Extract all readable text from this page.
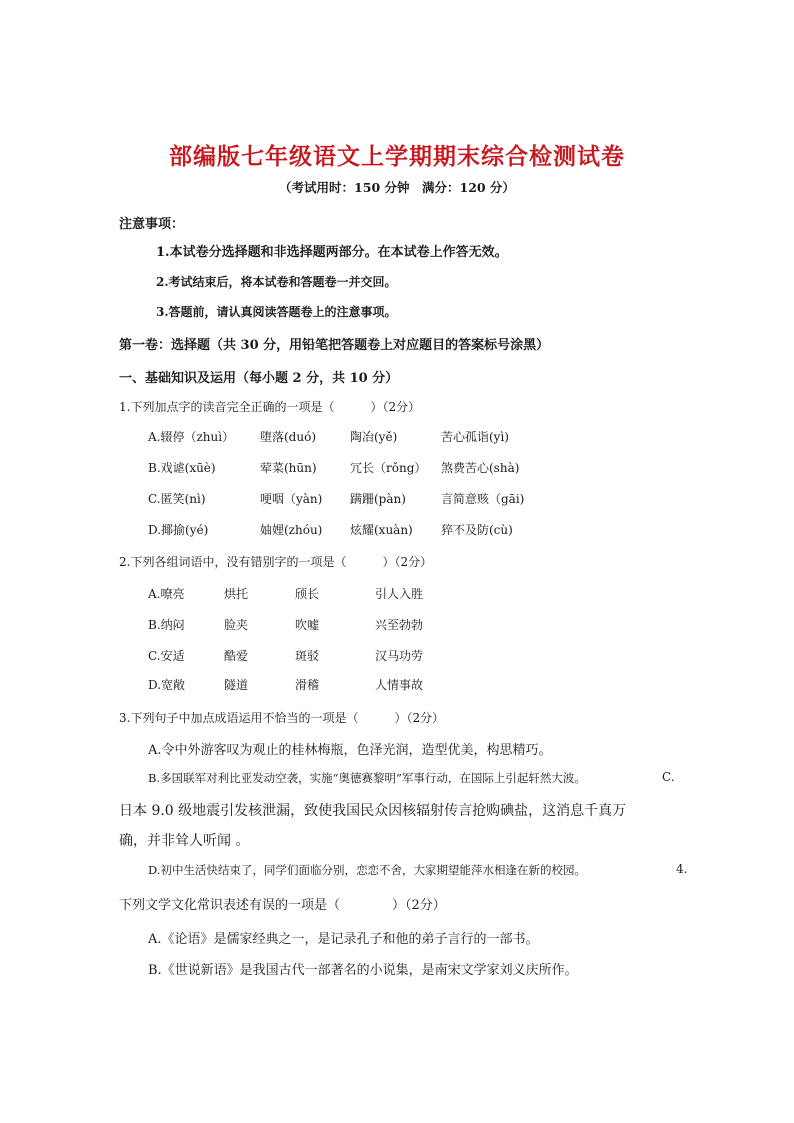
部编版七年级语文上学期期末综合检测试卷
（考试用时：150 分钟　满分：120 分）
注意事项：
1.本试卷分选择题和非选择题两部分。在本试卷上作答无效。
2.考试结束后，将本试卷和答题卷一并交回。
3.答题前，请认真阅读答题卷上的注意事项。
第一卷：选择题（共 30 分，用铅笔把答题卷上对应题目的答案标号涂黑）
一、基础知识及运用（每小题 2 分，共 10 分）
1.下列加点字的读音完全正确的一项是（　　　）（2分）
A.辍停（zhuì） 堕落(duó)	陶冶(yě)	苦心孤诣(yì)
B.戏谑(xūè)	荤菜(hūn)	冗长（rǒng） 煞费苦心(shà)
C.匿笑(nì)	哽咽（yàn) 蹒跚(pàn)	言简意赅（gāi)
D.揶揄(yé)	妯娌(zhóu) 炫耀(xuàn) 猝不及防(cù)
2.下列各组词语中，没有错别字的一项是（　　　）（2分）
A.嘹亮	烘托	颀长	引人入胜
B.纳闷	脸夹	吹嘘	兴至勃勃
C.安适	酷爱	斑驳	汉马功劳
D.宽敞	隧道	滑稽	人情事故
3.下列句子中加点成语运用不恰当的一项是（　　　）（2分）
A.令中外游客叹为观止的桂林梅瓶，色泽光润，造型优美，构思精巧。
B.多国联军对利比亚发动空袭，实施“奥德赛黎明”军事行动，在国际上引起轩然大波。	C.
日本 9.0 级地震引发核泄漏，致使我国民众因核辐射传言抢购碘盐，这消息千真万
确，并非耸人听闻 。
D.初中生活快结束了，同学们面临分别，恋恋不舍，大家期望能萍水相逢在新的校园。	4.
下列文学文化常识表述有误的一项是（　　　　）（2分）
A.《论语》是儒家经典之一，是记录孔子和他的弟子言行的一部书。
B.《世说新语》是我国古代一部著名的小说集，是南宋文学家刘义庆所作。
